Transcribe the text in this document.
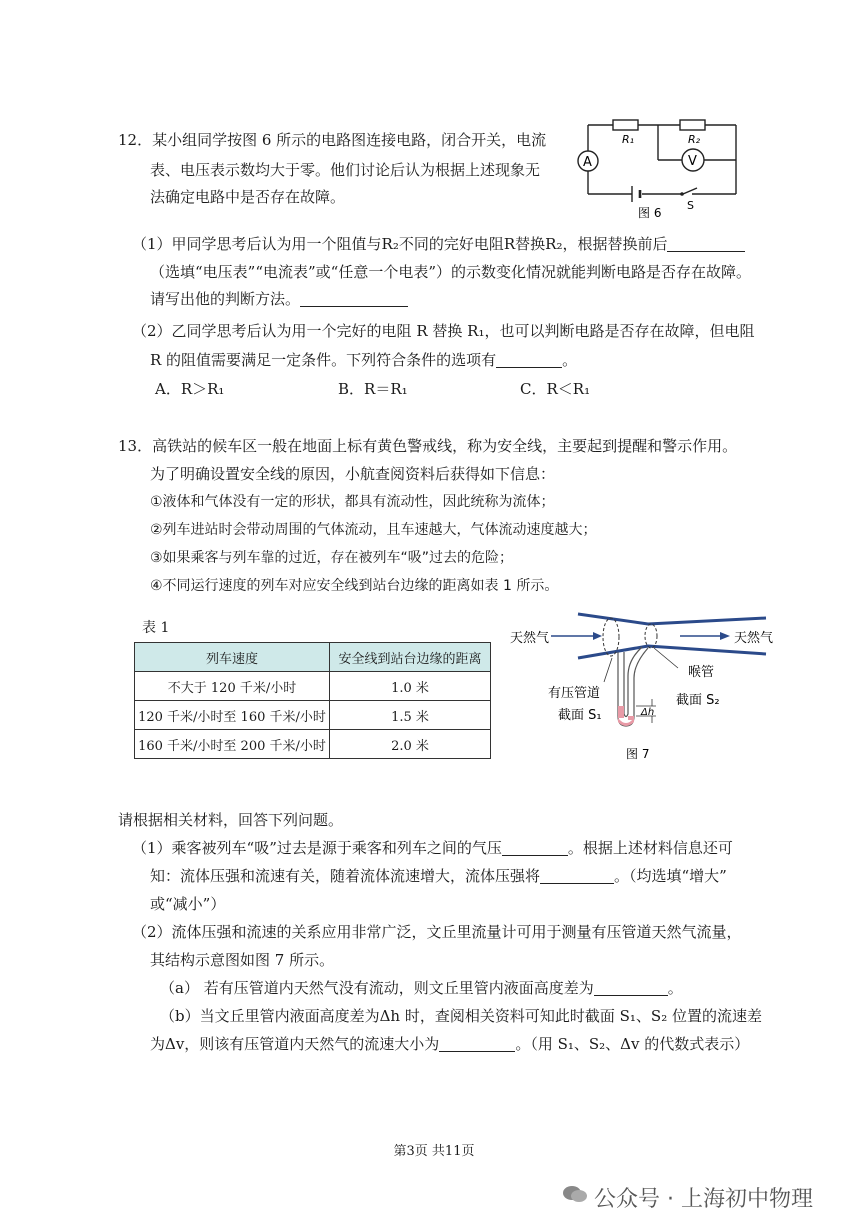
12．某小组同学按图 6 所示的电路图连接电路，闭合开关，电流
表、电压表示数均大于零。他们讨论后认为根据上述现象无
法确定电路中是否存在故障。
R₁	R₂
A	V
S
图 6
（1）甲同学思考后认为用一个阻值与R₂不同的完好电阻R替换R₂，根据替换前后
（选填“电压表”“电流表”或“任意一个电表”）的示数变化情况就能判断电路是否存在故障。
请写出他的判断方法。
（2）乙同学思考后认为用一个完好的电阻 R 替换 R₁，也可以判断电路是否存在故障，但电阻
R 的阻值需要满足一定条件。下列符合条件的选项有	。
A．R＞R₁	B．R＝R₁	C．R＜R₁
13．高铁站的候车区一般在地面上标有黄色警戒线，称为安全线，主要起到提醒和警示作用。
为了明确设置安全线的原因，小航查阅资料后获得如下信息：
①液体和气体没有一定的形状，都具有流动性，因此统称为流体；
②列车进站时会带动周围的气体流动，且车速越大，气体流动速度越大；
③如果乘客与列车靠的过近，存在被列车“吸”过去的危险；
④不同运行速度的列车对应安全线到站台边缘的距离如表 1 所示。
表 1
列车速度	安全线到站台边缘的距离
不大于 120 千米/小时	1.0 米
120 千米/小时至 160 千米/小时	1.5 米
160 千米/小时至 200 千米/小时	2.0 米
天然气	天然气
有压管道
截面 S₁
喉管
截面 S₂
Δh
图 7
请根据相关材料，回答下列问题。
（1）乘客被列车“吸”过去是源于乘客和列车之间的气压	。根据上述材料信息还可
知：流体压强和流速有关，随着流体流速增大，流体压强将	。（均选填“增大”
或“减小”）
（2）流体压强和流速的关系应用非常广泛，文丘里流量计可用于测量有压管道天然气流量，
其结构示意图如图 7 所示。
（a） 若有压管道内天然气没有流动，则文丘里管内液面高度差为	。
（b）当文丘里管内液面高度差为Δh 时，查阅相关资料可知此时截面 S₁、S₂ 位置的流速差
为Δv，则该有压管道内天然气的流速大小为	。（用 S₁、S₂、Δv 的代数式表示）
第3页 共11页
公众号 · 上海初中物理
